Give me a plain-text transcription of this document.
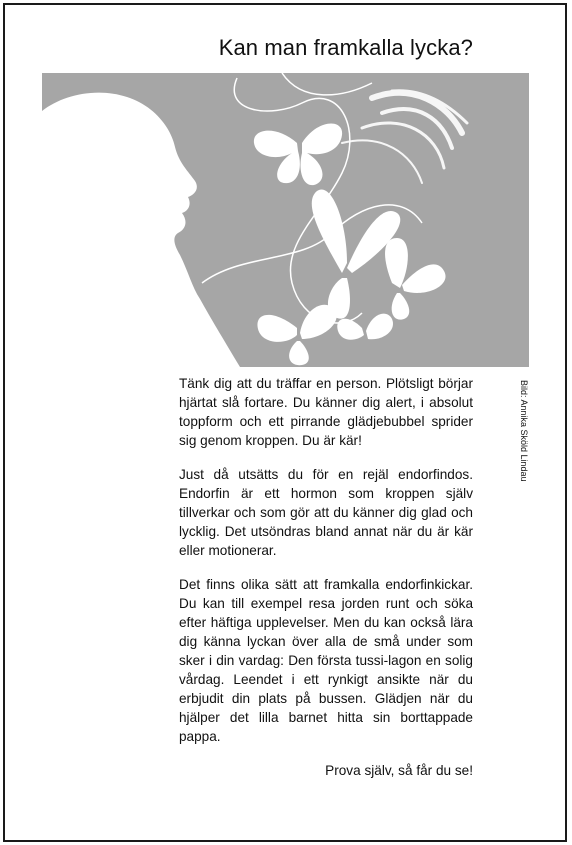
Kan man framkalla lycka?
Bild: Annika Sköld Lindau

Tänk dig att du träffar en person. Plötsligt börjar hjärtat slå fortare. Du känner dig alert, i absolut toppform och ett pirrande glädjebubbel sprider sig genom kroppen. Du är kär!

Just då utsätts du för en rejäl endorfindos. Endorfin är ett hormon som kroppen själv tillverkar och som gör att du känner dig glad och lycklig. Det utsöndras bland annat när du är kär eller motionerar.

Det finns olika sätt att framkalla endorfinkickar. Du kan till exempel resa jorden runt och söka efter häftiga upplevelser. Men du kan också lära dig känna lyckan över alla de små under som sker i din vardag: Den första tussi-lagon en solig vårdag. Leendet i ett rynkigt ansikte när du erbjudit din plats på bussen. Glädjen när du hjälper det lilla barnet hitta sin borttappade pappa.

Prova själv, så får du se!
